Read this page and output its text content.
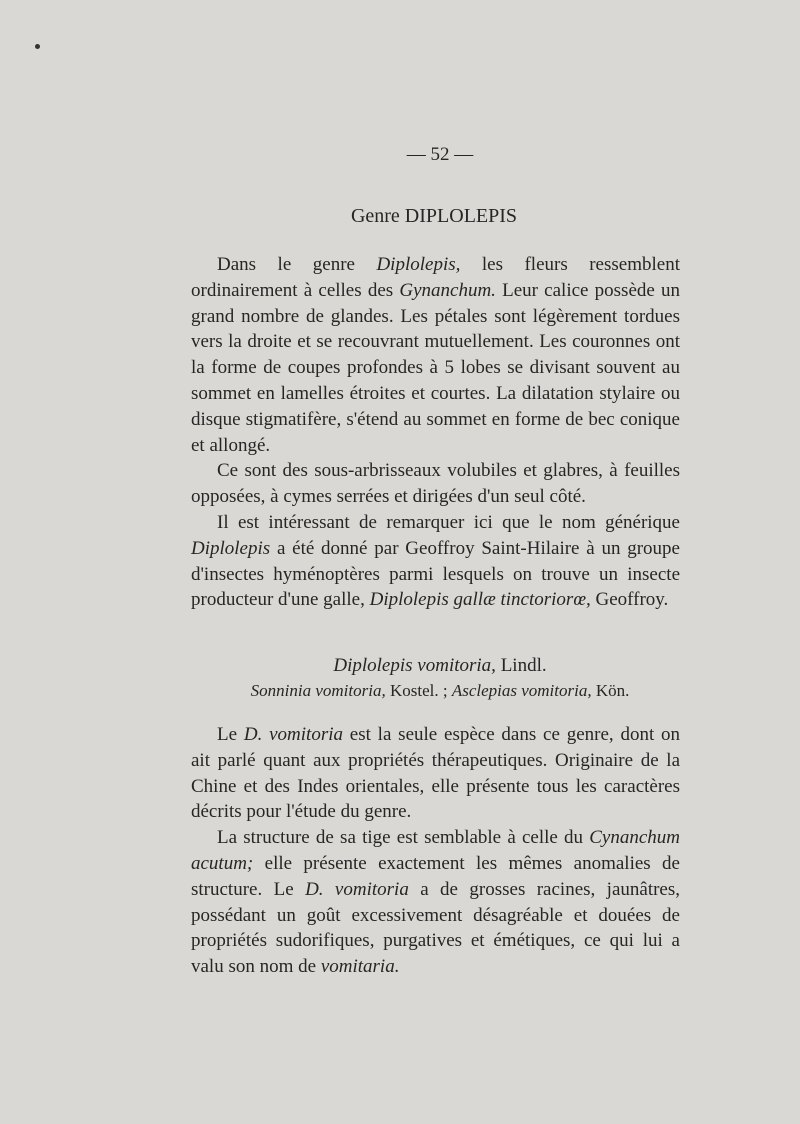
— 52 —
Genre DIPLOLEPIS

Dans le genre Diplolepis, les fleurs ressemblent ordinairement à celles des Gynanchum. Leur calice possède un grand nombre de glandes. Les pétales sont légèrement tordues vers la droite et se recouvrant mutuellement. Les couronnes ont la forme de coupes profondes à 5 lobes se divisant souvent au sommet en lamelles étroites et courtes. La dilatation stylaire ou disque stigmatifère, s'étend au sommet en forme de bec conique et allongé.

Ce sont des sous-arbrisseaux volubiles et glabres, à feuilles opposées, à cymes serrées et dirigées d'un seul côté.

Il est intéressant de remarquer ici que le nom générique Diplolepis a été donné par Geoffroy Saint-Hilaire à un groupe d'insectes hyménoptères parmi lesquels on trouve un insecte producteur d'une galle, Diplolepis gallæ tinctoriorœ, Geoffroy.

Diplolepis vomitoria, Lindl.
Sonninia vomitoria, Kostel. ; Asclepias vomitoria, Kön.

Le D. vomitoria est la seule espèce dans ce genre, dont on ait parlé quant aux propriétés thérapeutiques. Originaire de la Chine et des Indes orientales, elle présente tous les caractères décrits pour l'étude du genre.

La structure de sa tige est semblable à celle du Cynanchum acutum; elle présente exactement les mêmes anomalies de structure. Le D. vomitoria a de grosses racines, jaunâtres, possédant un goût excessivement désagréable et douées de propriétés sudorifiques, purgatives et émétiques, ce qui lui a valu son nom de vomitaria.
